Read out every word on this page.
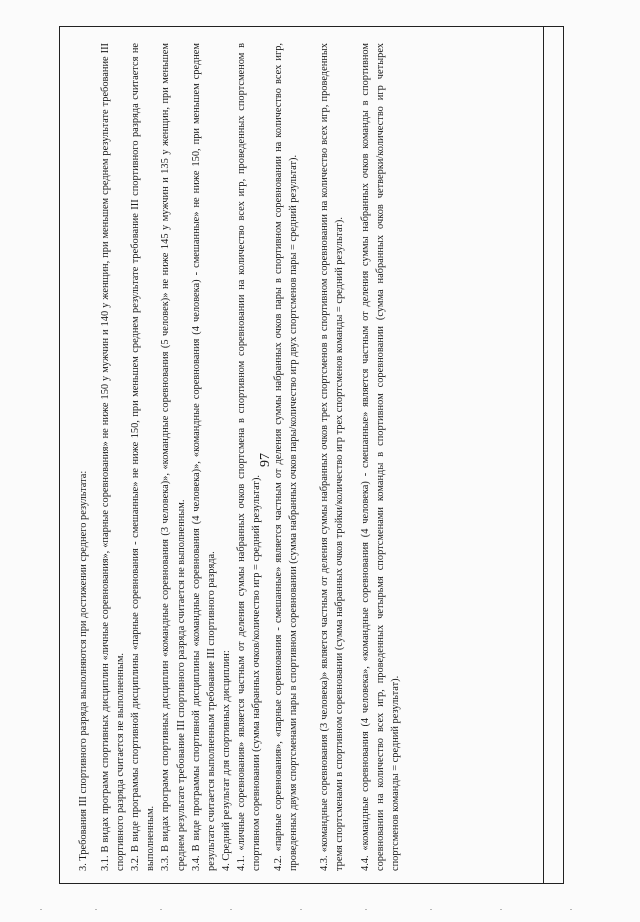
97

3. Требования III спортивного разряда выполняются при достижении среднего результата: 3.1. В видах программ спортивных дисциплин «личные соревнования», «парные соревнования» не ниже 150 у мужчин и 140 у женщин, при меньшем среднем результате требование III спортивного разряда считается не выполненным. 3.2. В виде программы спортивной дисциплины «парные соревнования - смешанные» не ниже 150, при меньшем среднем результате требование III спортивного разряда считается не выполненным. 3.3. В видах программ спортивных дисциплин «командные соревнования (3 человека)», «командные соревнования (5 человек)» не ниже 145 у мужчин и 135 у женщин, при меньшем среднем результате требование III спортивного разряда считается не выполненным. 3.4. В виде программы спортивной дисциплины «командные соревнования (4 человека)», «командные соревнования (4 человека) - смешанные» не ниже 150, при меньшем среднем результате считается выполненным требование III спортивного разряда. 4. Средний результат для спортивных дисциплин: 4.1. «личные соревнования» является частным от деления суммы набранных очков спортсмена в спортивном соревновании на количество всех игр, проведенных спортсменом в спортивном соревновании (сумма набранных очков/количество игр = средний результат). 4.2. «парные соревнования», «парные соревнования - смешанные» является частным от деления суммы набранных очков пары в спортивном соревновании на количество всех игр, проведенных двумя спортсменами пары в спортивном соревновании (сумма набранных очков пары/количество игр двух спортсменов пары = средний результат). 4.3. «командные соревнования (3 человека)» является частным от деления суммы набранных очков трех спортсменов в спортивном соревновании на количество всех игр, проведенных тремя спортсменами в спортивном соревновании (сумма набранных очков тройки/количество игр трех спортсменов команды = средний результат). 4.4. «командные соревнования (4 человека», «командные соревнования (4 человека) - смешанные» является частным от деления суммы набранных очков команды в спортивном соревновании на количество всех игр, проведенных четырьмя спортсменами команды в спортивном соревновании (сумма набранных очков четверки/количество игр четырех спортсменов команды = средний результат).
